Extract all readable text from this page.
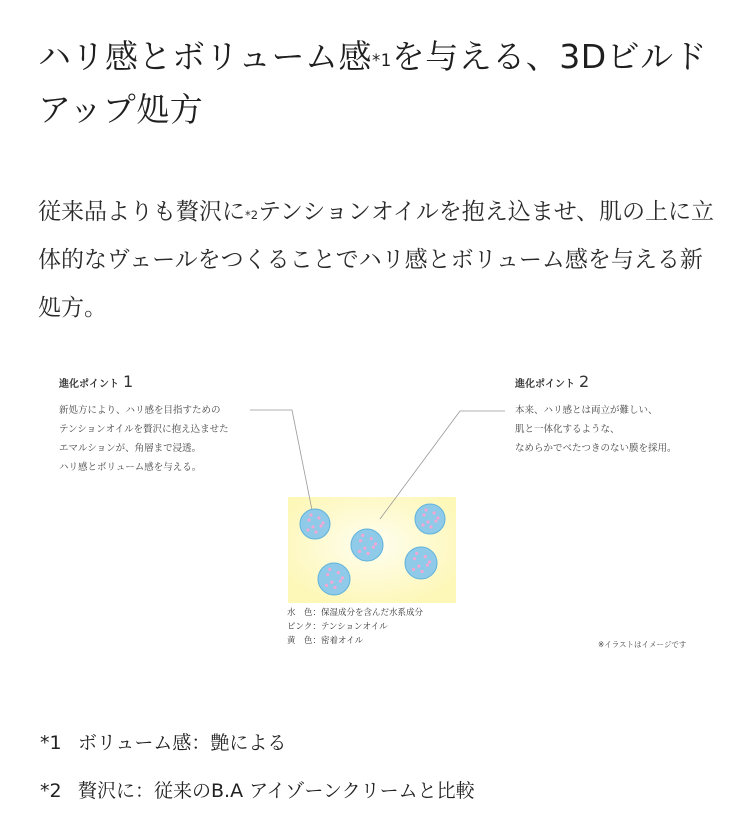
ハリ感とボリューム感$^{*1}$を与える、3Dビルドアップ処方

従来品よりも贅沢に$^{*2}$テンションオイルを抱え込ませ、肌の上に立体的なヴェールをつくることでハリ感とボリューム感を与える新処方。

進化ポイント 1
新処方により、ハリ感を目指すための
テンションオイルを贅沢に抱え込ませた
エマルションが、角層まで浸透。
ハリ感とボリューム感を与える。
進化ポイント 2
本来、ハリ感とは両立が難しい、
肌と一体化するような、
なめらかでべたつきのない膜を採用。
水　色：保湿成分を含んだ水系成分
ピンク：テンションオイル
黄　色：密着オイル	※イラストはイメージです
*1 ボリューム感：艶による
*2 贅沢に：従来のB.A アイゾーンクリームと比較
